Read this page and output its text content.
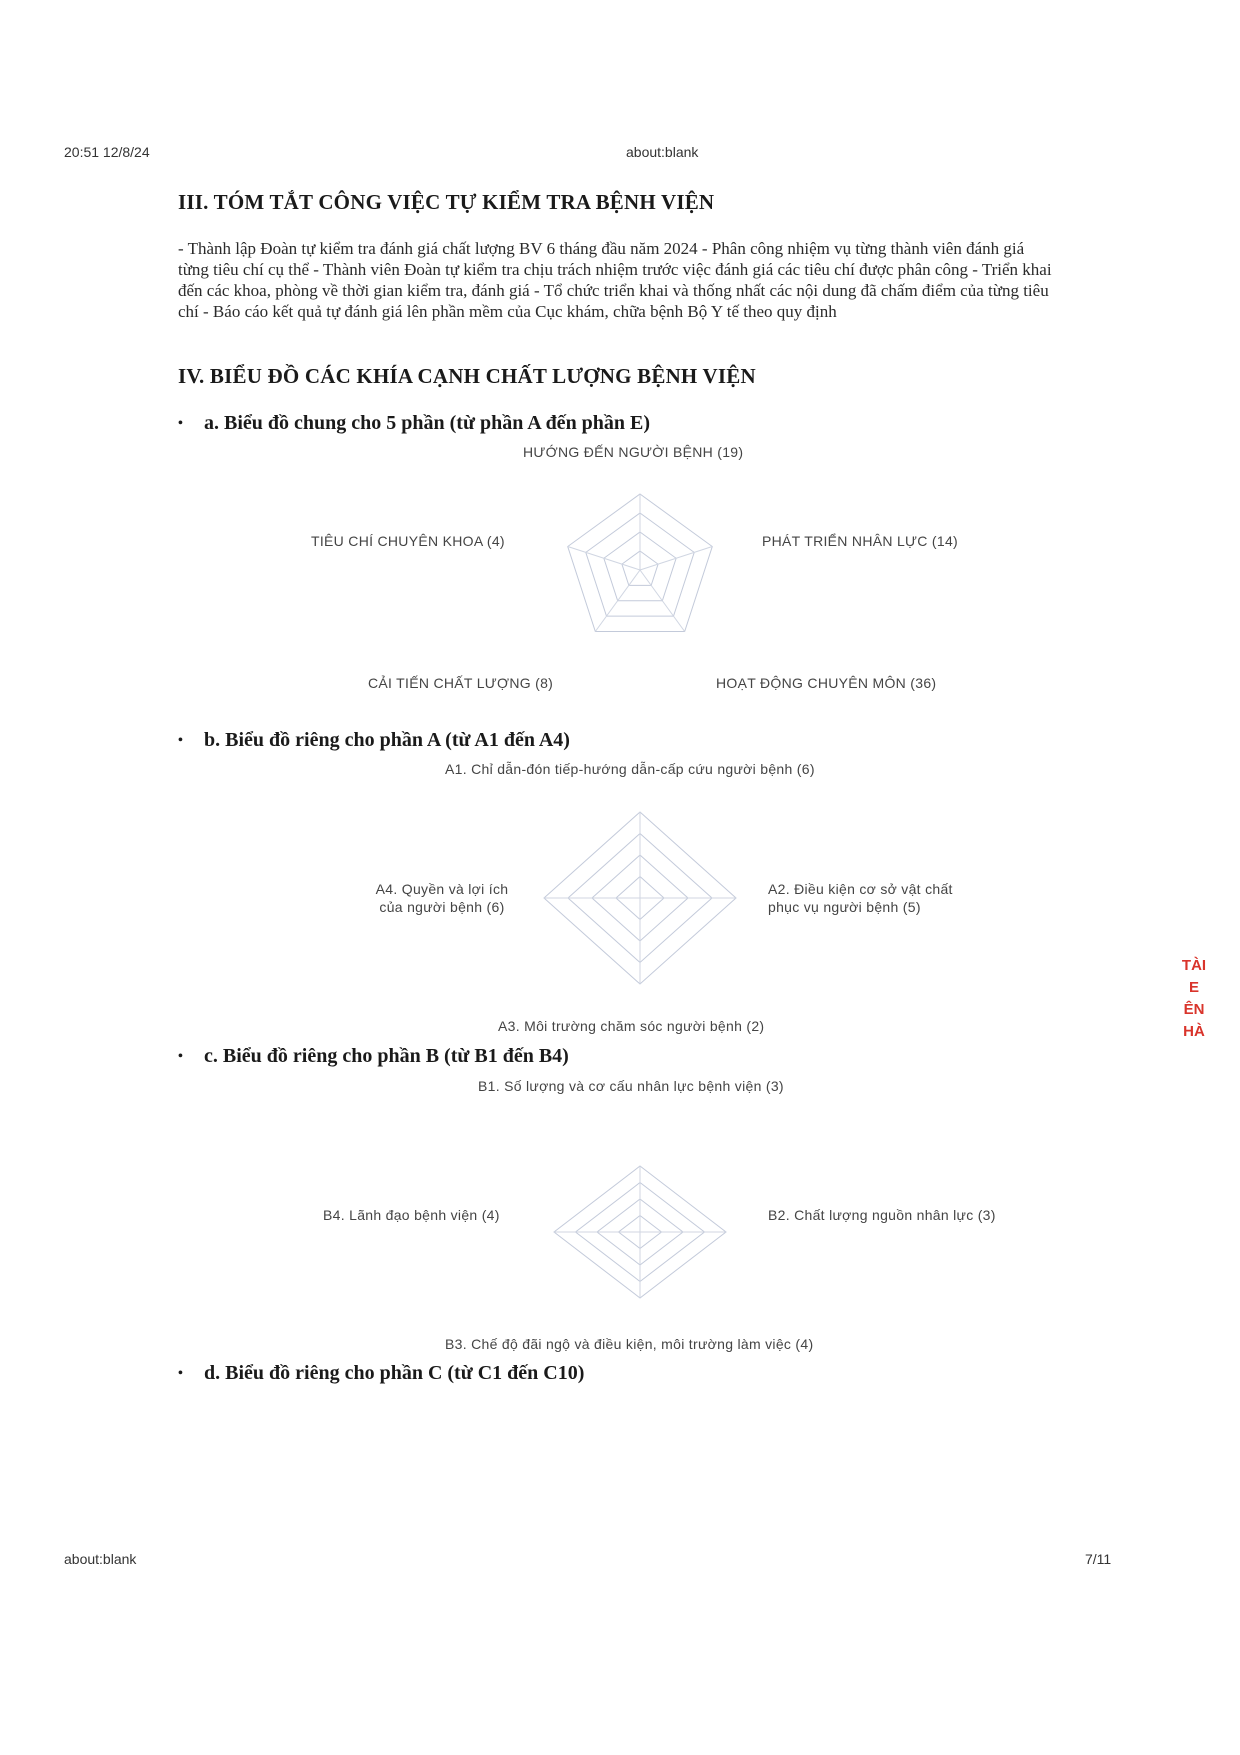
20:51 12/8/24	about:blank
about:blank	7/11
III. TÓM TẮT CÔNG VIỆC TỰ KIỂM TRA BỆNH VIỆN

- Thành lập Đoàn tự kiểm tra đánh giá chất lượng BV 6 tháng đầu năm 2024 - Phân công nhiệm vụ từng thành viên đánh giá từng tiêu chí cụ thể - Thành viên Đoàn tự kiểm tra chịu trách nhiệm trước việc đánh giá các tiêu chí được phân công - Triển khai đến các khoa, phòng về thời gian kiểm tra, đánh giá - Tổ chức triển khai và thống nhất các nội dung đã chấm điểm của từng tiêu chí - Báo cáo kết quả tự đánh giá lên phần mềm của Cục khám, chữa bệnh Bộ Y tế theo quy định

IV. BIỂU ĐỒ CÁC KHÍA CẠNH CHẤT LƯỢNG BỆNH VIỆN
• a. Biểu đồ chung cho 5 phần (từ phần A đến phần E)
HƯỚNG ĐẾN NGƯỜI BỆNH (19)
PHÁT TRIỂN NHÂN LỰC (14)
HOẠT ĐỘNG CHUYÊN MÔN (36)
CẢI TIẾN CHẤT LƯỢNG (8)
TIÊU CHÍ CHUYÊN KHOA (4)
• b. Biểu đồ riêng cho phần A (từ A1 đến A4)
A1. Chỉ dẫn-đón tiếp-hướng dẫn-cấp cứu người bệnh (6)
A2. Điều kiện cơ sở vật chất phục vụ người bệnh (5)
A3. Môi trường chăm sóc người bệnh (2)
A4. Quyền và lợi ích của người bệnh (6)
• c. Biểu đồ riêng cho phần B (từ B1 đến B4)
B1. Số lượng và cơ cấu nhân lực bệnh viện (3)
B2. Chất lượng nguồn nhân lực (3)
B3. Chế độ đãi ngộ và điều kiện, môi trường làm việc (4)
B4. Lãnh đạo bệnh viện (4)
• d. Biểu đồ riêng cho phần C (từ C1 đến C10)
TÀI
E
ÊN
HÀ
